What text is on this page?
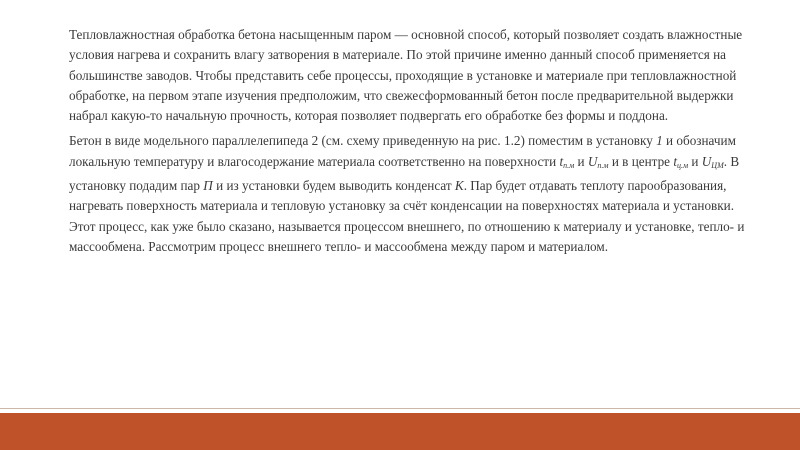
Тепловлажностная обработка бетона насыщенным паром — основной способ, который позволяет создать влажностные условия нагрева и сохранить влагу затворения в материале. По этой причине именно данный способ применяется на большинстве заводов. Чтобы представить себе процессы, проходящие в установке и материале при тепловлажностной обработке, на первом этапе изучения предположим, что свежесформованный бетон после предварительной выдержки набрал какую-то начальную прочность, которая позволяет подвергать его обработке без формы и поддона.

Бетон в виде модельного параллелепипеда 2 (см. схему приведенную на рис. 1.2) поместим в установку 1 и обозначим локальную температуру и влагосодержание материала соответственно на поверхности $t_{п.м}$ и $U_{п.м}$ и в центре $t_{ц.м}$ и $U_{ЦМ}$. В установку подадим пар П и из установки будем выводить конденсат К. Пар будет отдавать теплоту парообразования, нагревать поверхность материала и тепловую установку за счёт конденсации на поверхностях материала и установки. Этот процесс, как уже было сказано, называется процессом внешнего, по отношению к материалу и установке, тепло- и массообмена. Рассмотрим процесс внешнего тепло- и массообмена между паром и материалом.
